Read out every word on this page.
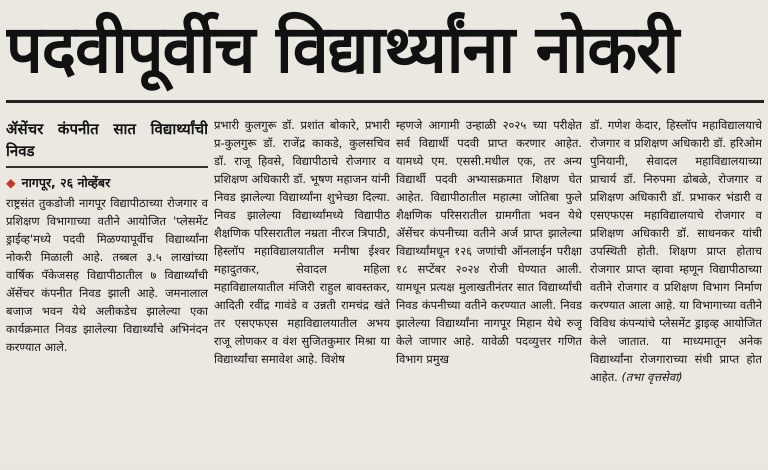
पदवीपूर्वीच विद्यार्थ्यांना नोकरी
ॲसेंचर कंपनीत सात विद्यार्थ्यांची निवड
◆ नागपूर, २६ नोव्हेंबर

राष्ट्रसंत तुकडोजी नागपूर विद्यापीठाच्या रोजगार व प्रशिक्षण विभागाच्या वतीने आयोजित 'प्लेसमेंट ड्राईव्ह'मध्ये पदवी मिळण्यापूर्वीच विद्यार्थ्यांना नोकरी मिळाली आहे. तब्बल ३.५ लाखांच्या वार्षिक पॅकेजसह विद्यापीठातील ७ विद्यार्थ्यांची ॲसेंचर कंपनीत निवड झाली आहे. जमनालाल बजाज भवन येथे अलीकडेच झालेल्या एका कार्यक्रमात निवड झालेल्या विद्यार्थ्यांचे अभिनंदन करण्यात आले.

प्रभारी कुलगुरू डॉ. प्रशांत बोकारे, प्रभारी प्र-कुलगुरू डॉ. राजेंद्र काकडे, कुलसचिव डॉ. राजू हिवसे, विद्यापीठाचे रोजगार व प्रशिक्षण अधिकारी डॉ. भूषण महाजन यांनी निवड झालेल्या विद्यार्थ्यांना शुभेच्छा दिल्या. निवड झालेल्या विद्यार्थ्यांमध्ये विद्यापीठ शैक्षणिक परिसरातील नम्रता नीरज त्रिपाठी, हिस्लॉप महाविद्यालयातील मनीषा ईश्वर महादुतकर, सेवादल महिला महाविद्यालयातील मंजिरी राहुल बावस्तकर, आदिती रवींद्र गावंडे व उन्नती रामचंद्र खंते तर एसएफएस महाविद्यालयातील अभय राजू लोणकर व वंश सुजितकुमार मिश्रा या विद्यार्थ्यांचा समावेश आहे. विशेष

म्हणजे आगामी उन्हाळी २०२५ च्या परीक्षेत सर्व विद्यार्थी पदवी प्राप्त करणार आहेत. यामध्ये एम. एससी.मधील एक, तर अन्य विद्यार्थी पदवी अभ्यासक्रमात शिक्षण घेत आहेत. विद्यापीठातील महात्मा जोतिबा फुले शैक्षणिक परिसरातील ग्रामगीता भवन येथे ॲसेंचर कंपनीच्या वतीने अर्ज प्राप्त झालेल्या विद्यार्थ्यांमधून १२६ जणांची ऑनलाईन परीक्षा १८ सप्टेंबर २०२४ रोजी घेण्यात आली. यामधून प्रत्यक्ष मुलाखतीनंतर सात विद्यार्थ्यांची निवड कंपनीच्या वतीने करण्यात आली. निवड झालेल्या विद्यार्थ्यांना नागपूर मिहान येथे रुजू केले जाणार आहे. यावेळी पदव्युत्तर गणित विभाग प्रमुख

डॉ. गणेश केदार, हिस्लॉप महाविद्यालयाचे रोजगार व प्रशिक्षण अधिकारी डॉ. हरिओम पुनियानी, सेवादल महाविद्यालयाच्या प्राचार्य डॉ. निरुपमा ढोबळे, रोजगार व प्रशिक्षण अधिकारी डॉ. प्रभाकर भंडारी व एसएफएस महाविद्यालयाचे रोजगार व प्रशिक्षण अधिकारी डॉ. साधनकर यांची उपस्थिती होती. शिक्षण प्राप्त होताच रोजगार प्राप्त व्हावा म्हणून विद्यापीठाच्या वतीने रोजगार व प्रशिक्षण विभाग निर्माण करण्यात आला आहे. या विभागाच्या वतीने विविध कंपन्यांचे प्लेसमेंट ड्राइव्ह आयोजित केले जातात. या माध्यमातून अनेक विद्यार्थ्यांना रोजगाराच्या संधी प्राप्त होत आहेत. (तभा वृत्तसेवा)
